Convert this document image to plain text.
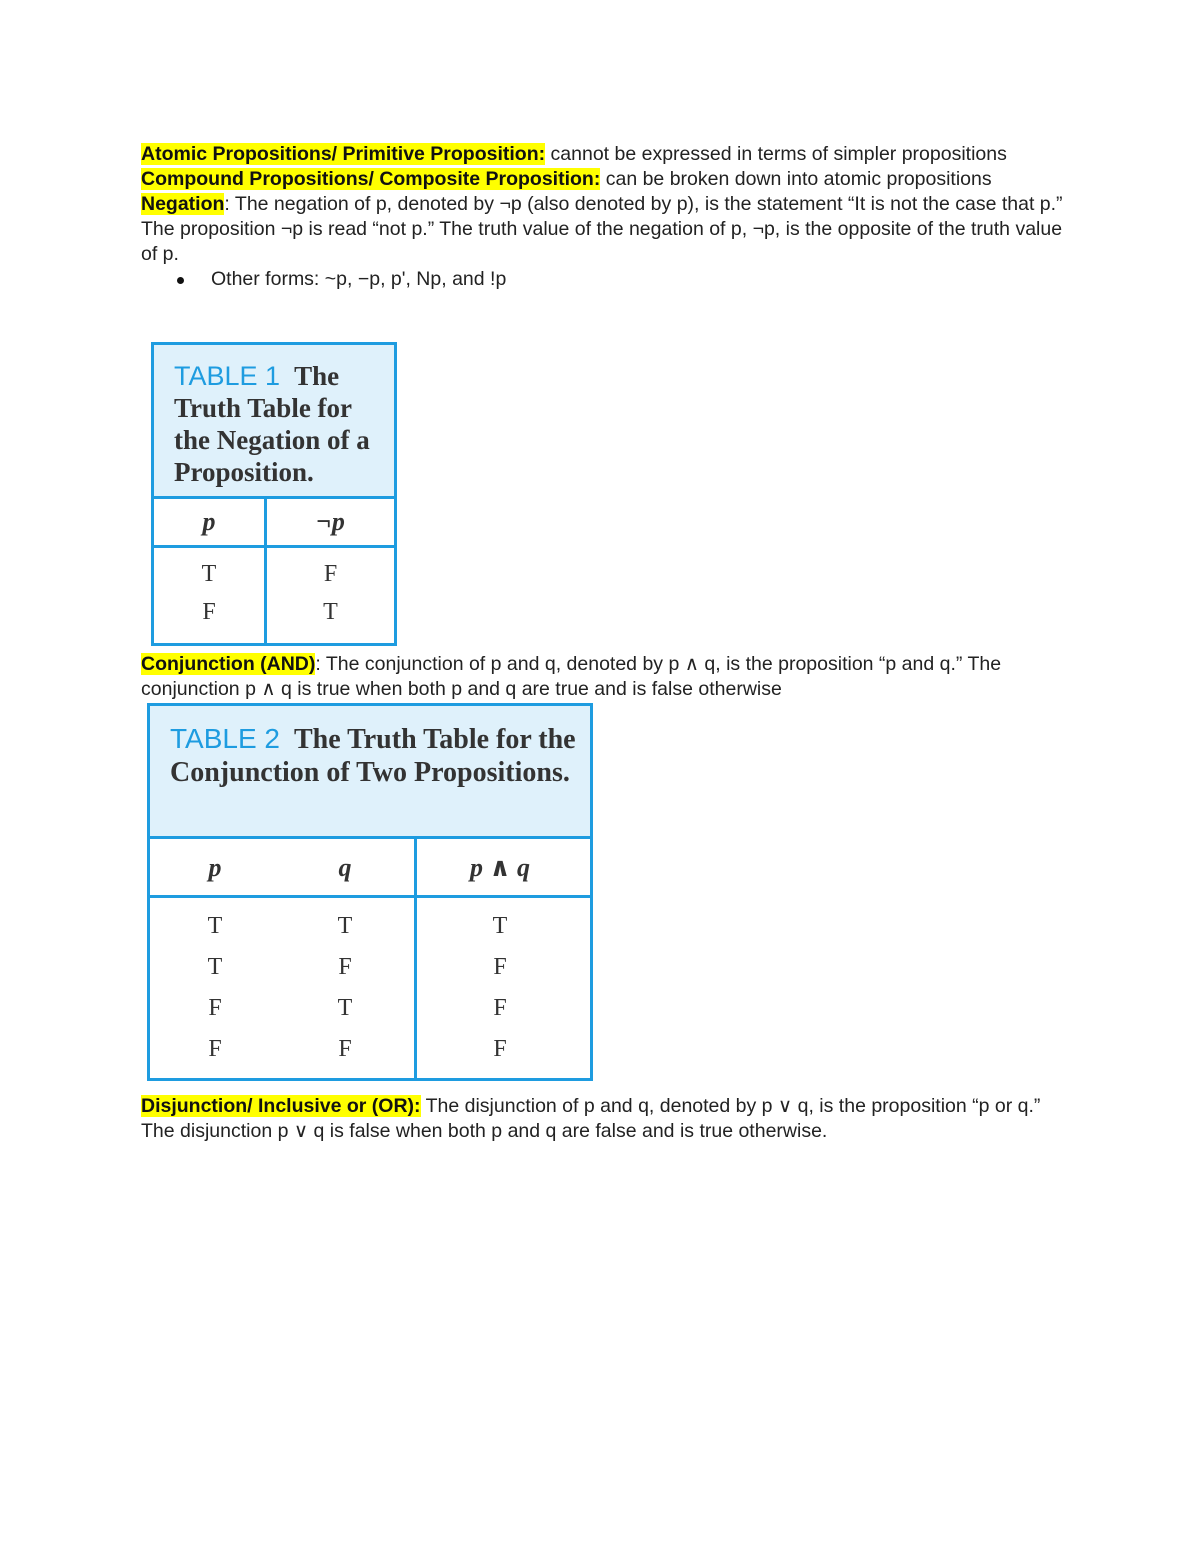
Atomic Propositions/ Primitive Proposition: cannot be expressed in terms of simpler propositions
Compound Propositions/ Composite Proposition: can be broken down into atomic propositions
Negation: The negation of p, denoted by ¬p (also denoted by p), is the statement “It is not the case that p.” The proposition ¬p is read “not p.” The truth value of the negation of p, ¬p, is the opposite of the truth value of p.
Other forms: ~p, −p, p', Np, and !p
TABLE 1 The Truth Table for the Negation of a Proposition.
p	¬p
T	F
F	T
Conjunction (AND): The conjunction of p and q, denoted by p ∧ q, is the proposition “p and q.” The conjunction p ∧ q is true when both p and q are true and is false otherwise
TABLE 2 The Truth Table for the Conjunction of Two Propositions.
p	q	p ∧ q
T	T	T
T	F	F
F	T	F
F	F	F
Disjunction/ Inclusive or (OR): The disjunction of p and q, denoted by p ∨ q, is the proposition “p or q.” The disjunction p ∨ q is false when both p and q are false and is true otherwise.
